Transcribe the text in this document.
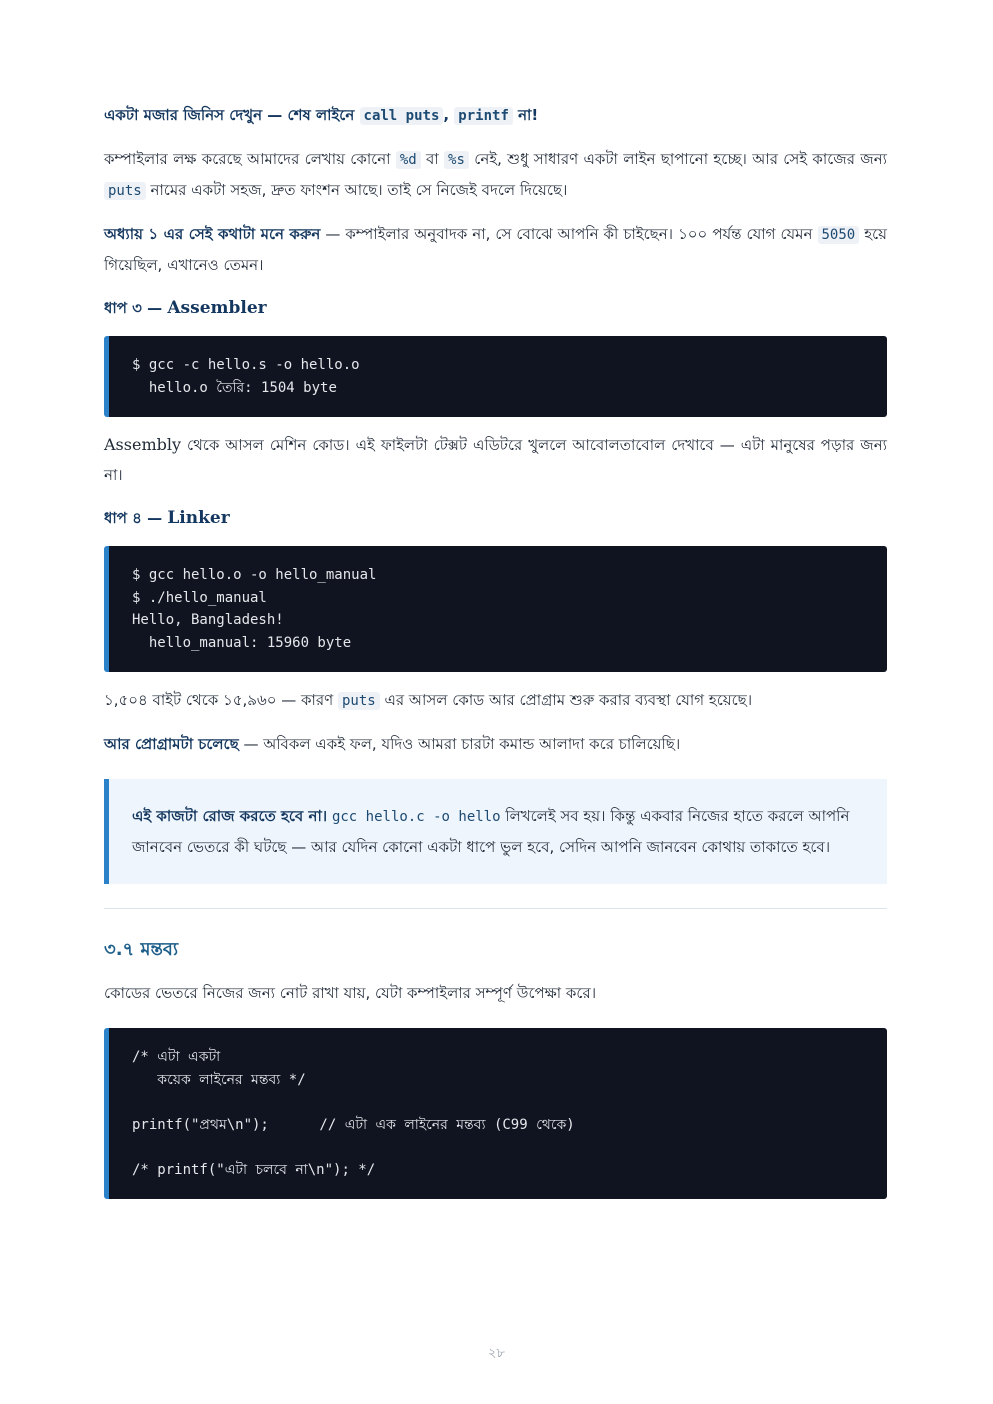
একটা মজার জিনিস দেখুন — শেষ লাইনে call puts , printf না!

কম্পাইলার লক্ষ করেছে আমাদের লেখায় কোনো %d বা %s নেই, শুধু সাধারণ একটা লাইন ছাপানো হচ্ছে। আর সেই কাজের জন্য puts নামের একটা সহজ, দ্রুত ফাংশন আছে। তাই সে নিজেই বদলে দিয়েছে।

অধ্যায় ১ এর সেই কথাটা মনে করুন — কম্পাইলার অনুবাদক না, সে বোঝে আপনি কী চাইছেন। ১০০ পর্যন্ত যোগ যেমন 5050 হয়ে গিয়েছিল, এখানেও তেমন।

ধাপ ৩ — Assembler
$ gcc -c hello.s -o hello.o
hello.o তৈরি: 1504 byte

Assembly থেকে আসল মেশিন কোড। এই ফাইলটা টেক্সট এডিটরে খুললে আবোলতাবোল দেখাবে — এটা মানুষের পড়ার জন্য না।

ধাপ ৪ — Linker
$ gcc hello.o -o hello_manual
$ ./hello_manual
Hello, Bangladesh!
hello_manual: 15960 byte

১,৫০৪ বাইট থেকে ১৫,৯৬০ — কারণ puts এর আসল কোড আর প্রোগ্রাম শুরু করার ব্যবস্থা যোগ হয়েছে।

আর প্রোগ্রামটা চলেছে — অবিকল একই ফল, যদিও আমরা চারটা কমান্ড আলাদা করে চালিয়েছি।

এই কাজটা রোজ করতে হবে না। gcc hello.c -o hello লিখলেই সব হয়। কিন্তু একবার নিজের হাতে করলে আপনি জানবেন ভেতরে কী ঘটছে — আর যেদিন কোনো একটা ধাপে ভুল হবে, সেদিন আপনি জানবেন কোথায় তাকাতে হবে।
৩.৭ মন্তব্য

কোডের ভেতরে নিজের জন্য নোট রাখা যায়, যেটা কম্পাইলার সম্পূর্ণ উপেক্ষা করে।

/* এটা একটা
কয়েক লাইনের মন্তব্য */

printf("প্রথম\n");      // এটা এক লাইনের মন্তব্য (C99 থেকে)

/* printf("এটা চলবে না\n"); */
২৮
